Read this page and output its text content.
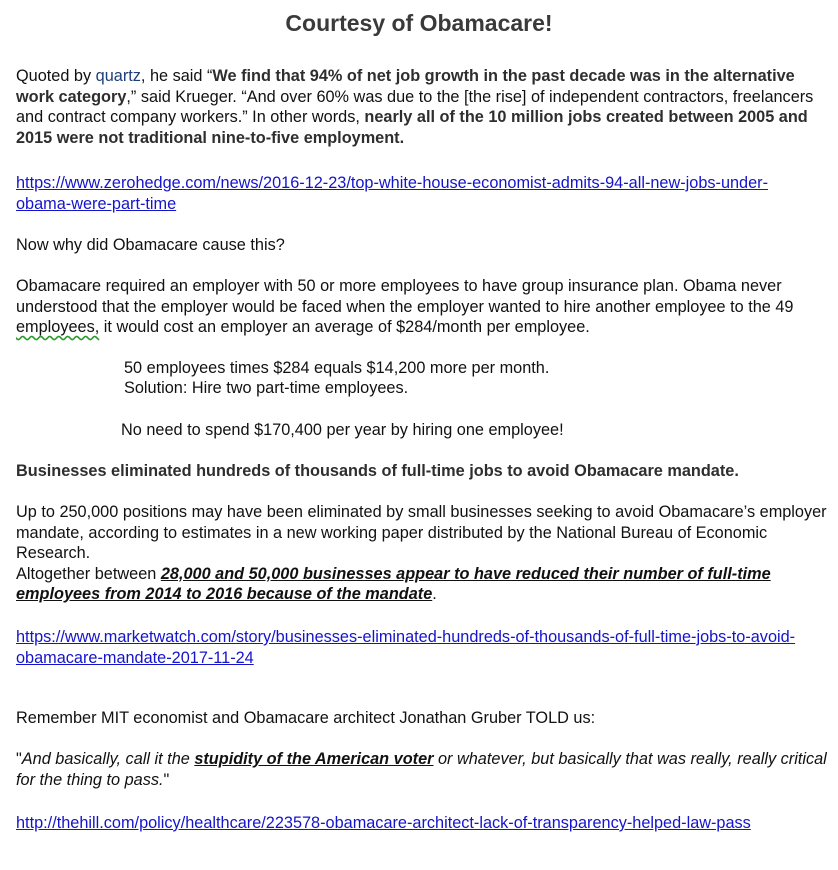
Courtesy of Obamacare!
Quoted by quartz, he said “We find that 94% of net job growth in the past decade was in the alternative work category,” said Krueger. “And over 60% was due to the [the rise] of independent contractors, freelancers and contract company workers.” In other words, nearly all of the 10 million jobs created between 2005 and 2015 were not traditional nine-to-five employment.
https://www.zerohedge.com/news/2016-12-23/top-white-house-economist-admits-94-all-new-jobs-under-obama-were-part-time
Now why did Obamacare cause this?
Obamacare required an employer with 50 or more employees to have group insurance plan. Obama never understood that the employer would be faced when the employer wanted to hire another employee to the 49 employees, it would cost an employer an average of $284/month per employee.
50 employees times $284 equals $14,200 more per month.
Solution: Hire two part-time employees.
No need to spend $170,400 per year by hiring one employee!
Businesses eliminated hundreds of thousands of full-time jobs to avoid Obamacare mandate.
Up to 250,000 positions may have been eliminated by small businesses seeking to avoid Obamacare’s employer mandate, according to estimates in a new working paper distributed by the National Bureau of Economic Research.
Altogether between 28,000 and 50,000 businesses appear to have reduced their number of full-time employees from 2014 to 2016 because of the mandate.
https://www.marketwatch.com/story/businesses-eliminated-hundreds-of-thousands-of-full-time-jobs-to-avoid-obamacare-mandate-2017-11-24
Remember MIT economist and Obamacare architect Jonathan Gruber TOLD us:
"And basically, call it the stupidity of the American voter or whatever, but basically that was really, really critical for the thing to pass."
http://thehill.com/policy/healthcare/223578-obamacare-architect-lack-of-transparency-helped-law-pass
